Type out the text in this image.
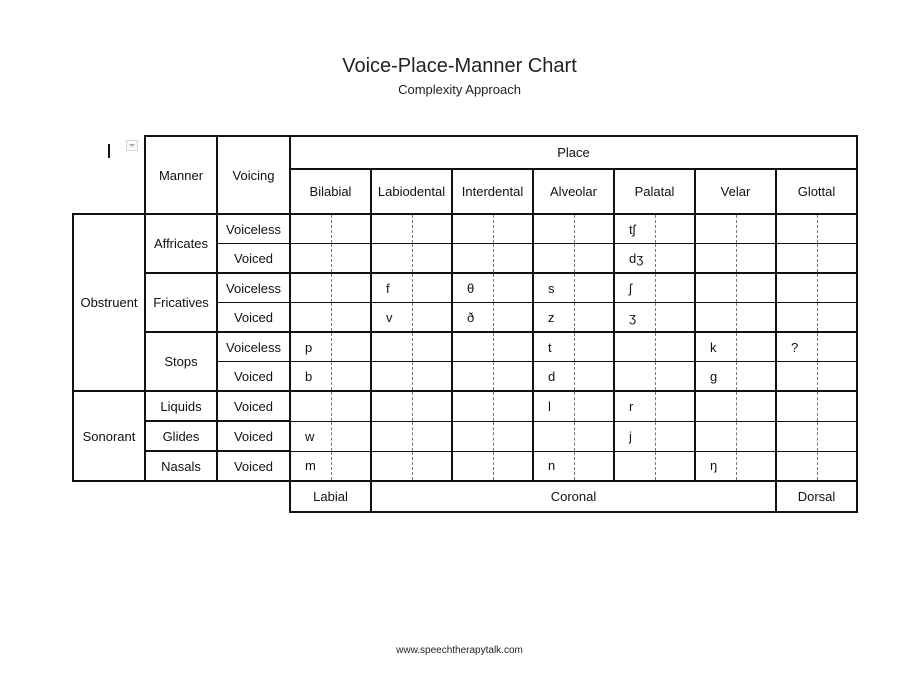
Voice-Place-Manner Chart
Complexity Approach
	Manner	Voicing	Place													
			Bilabial		Labiodental		Interdental		Alveolar		Palatal		Velar		Glottal	
Obstruent	Affricates	Voiceless									tʃ					
		Voiced									dʒ					
	Fricatives	Voiceless			f		θ		s		ʃ					
		Voiced			v		ð		z		ʒ					
	Stops	Voiceless	p						t				k		?	
		Voiced	b						d				g			
Sonorant	Liquids	Voiced							l		r					
	Glides	Voiced	w								j					
	Nasals	Voiced	m						n				ŋ			
			Labial		Coronal										Dorsal	
www.speechtherapytalk.com
